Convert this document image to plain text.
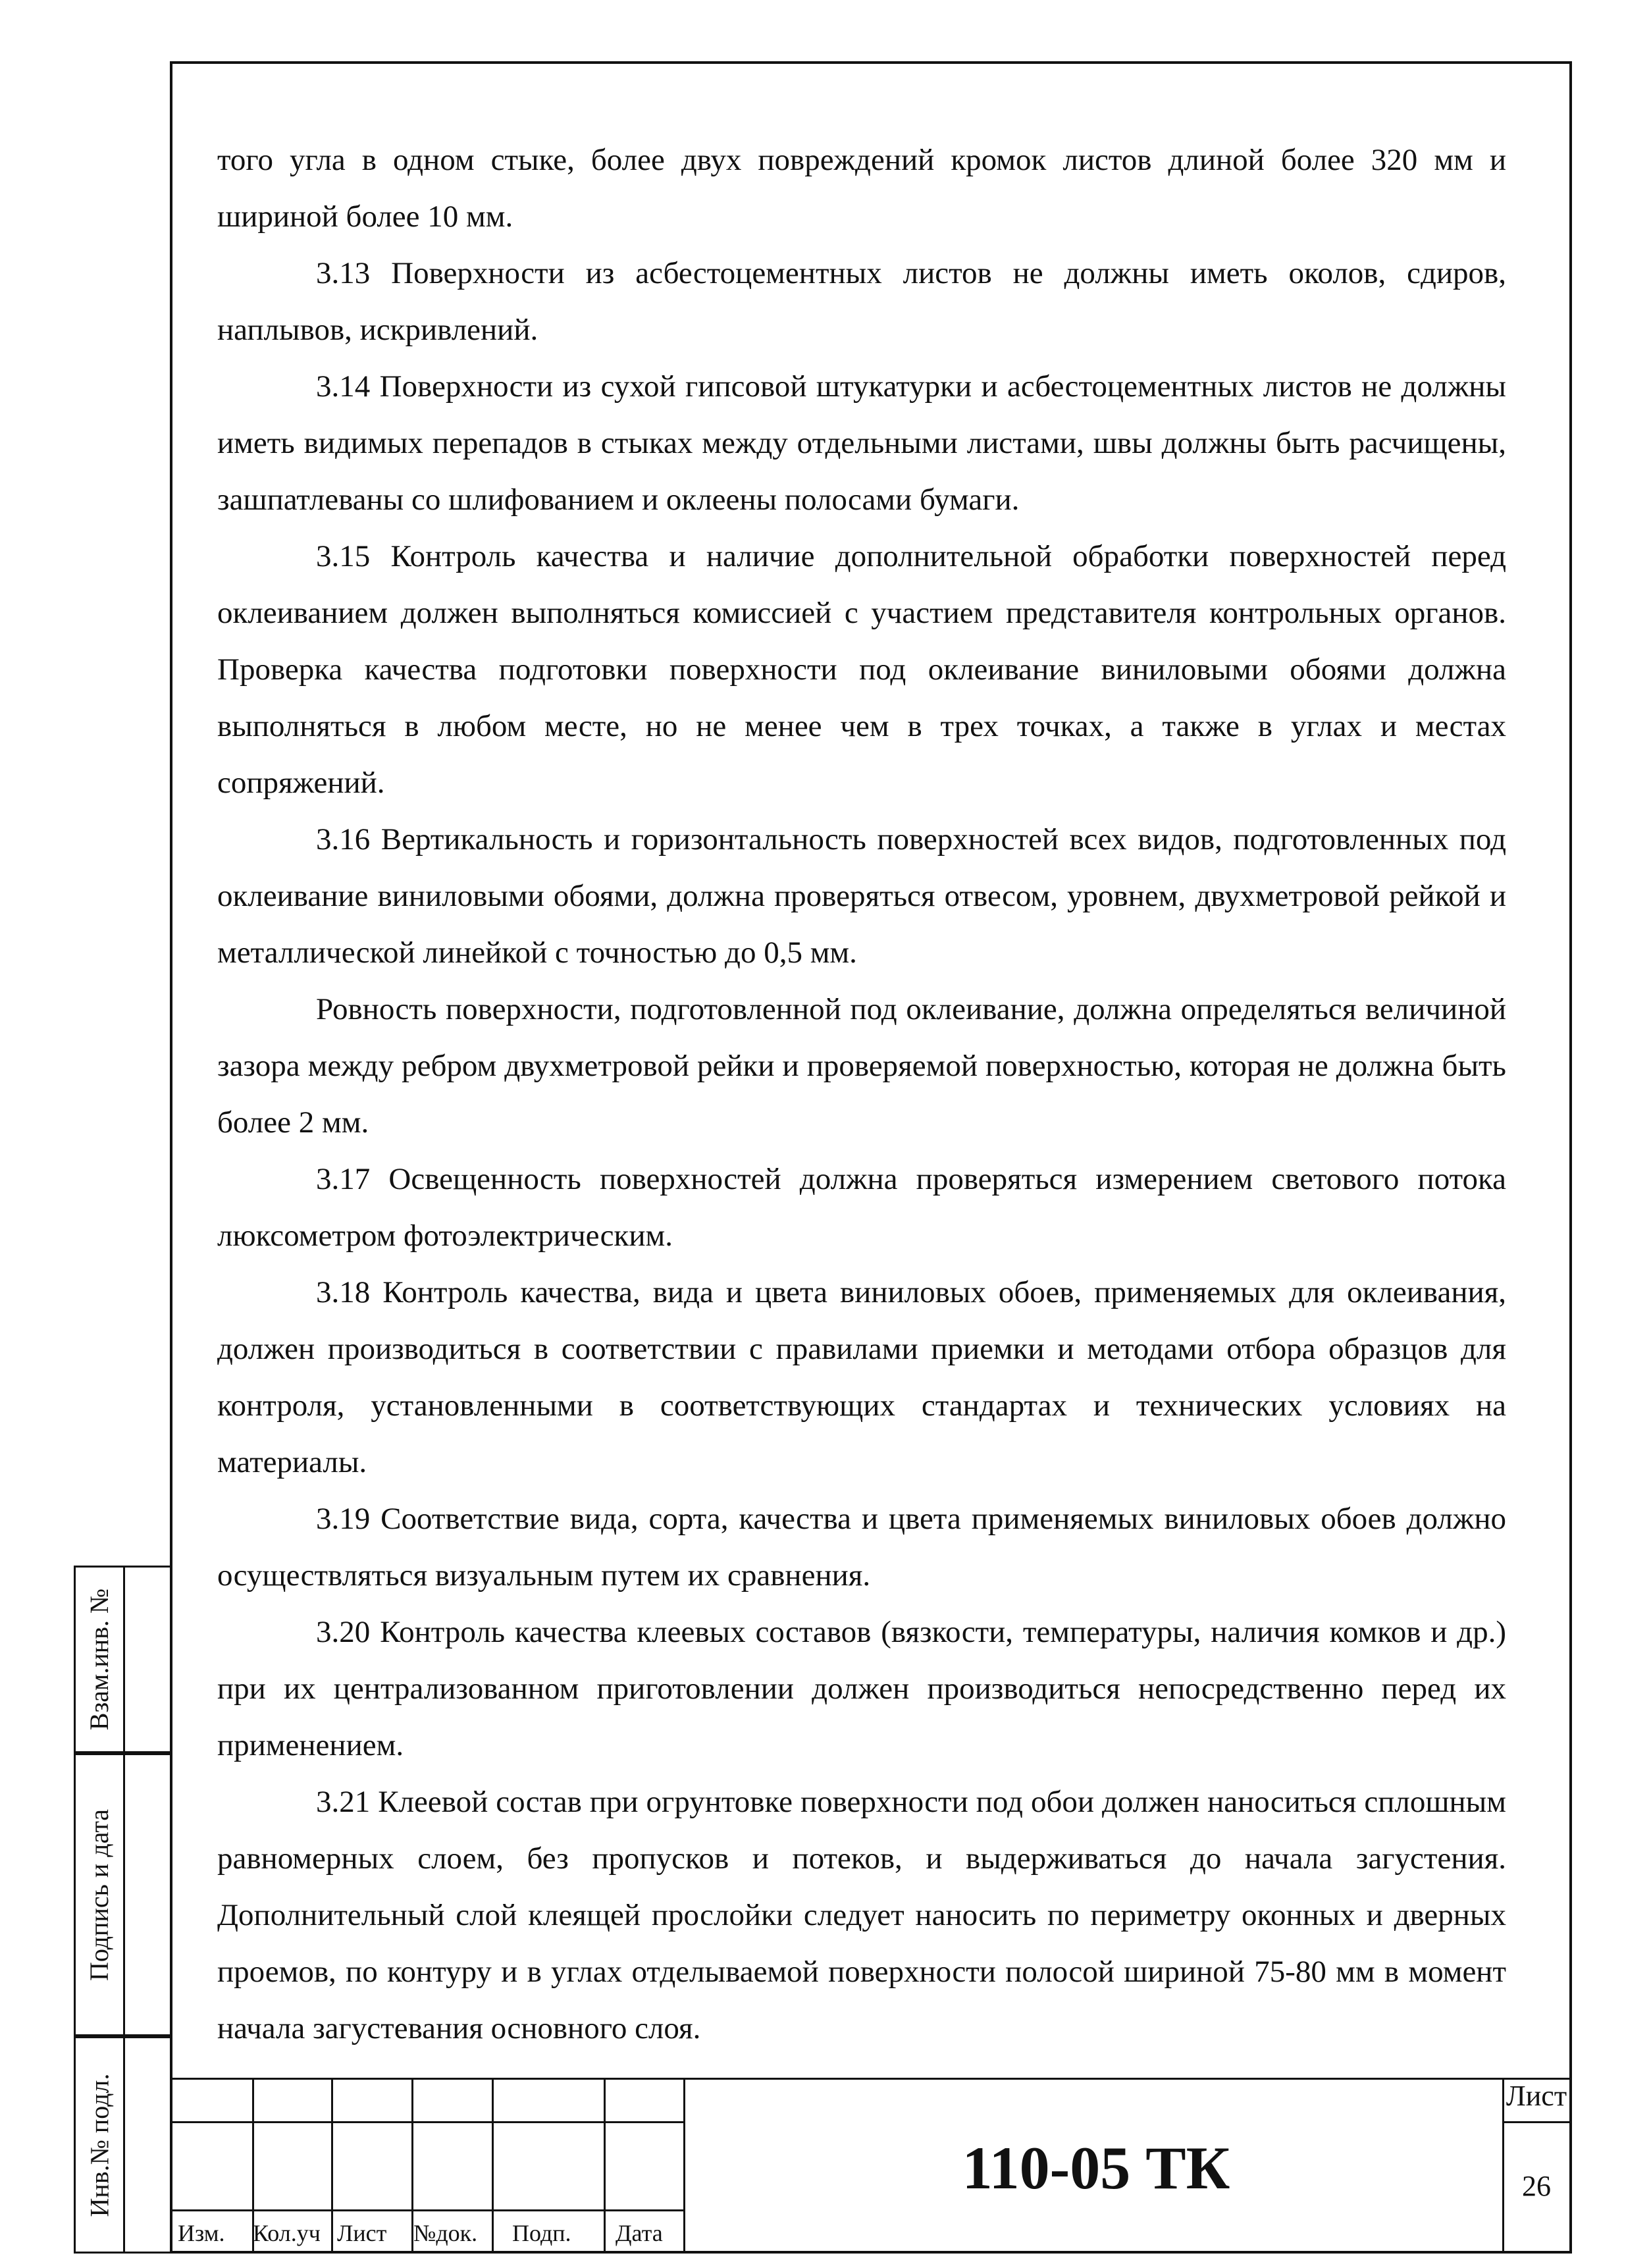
того угла в одном стыке, более двух повреждений кромок листов длиной более 320 мм и шириной более 10 мм.

3.13 Поверхности из асбестоцементных листов не должны иметь околов, сдиров, наплывов, искривлений.

3.14 Поверхности из сухой гипсовой штукатурки и асбестоцементных листов не должны иметь видимых перепадов в стыках между отдельными листами, швы должны быть расчищены, зашпатлеваны со шлифованием и оклеены полосами бумаги.

3.15 Контроль качества и наличие дополнительной обработки поверхностей перед оклеиванием должен выполняться комиссией с участием представителя контрольных органов. Проверка качества подготовки поверхности под оклеивание виниловыми обоями должна выполняться в любом месте, но не менее чем в трех точках, а также в углах и местах сопряжений.

3.16 Вертикальность и горизонтальность поверхностей всех видов, подготовленных под оклеивание виниловыми обоями, должна проверяться отвесом, уровнем, двухметровой рейкой и металлической линейкой с точностью до 0,5 мм.

Ровность поверхности, подготовленной под оклеивание, должна определяться величиной зазора между ребром двухметровой рейки и проверяемой поверхностью, которая не должна быть более 2 мм.

3.17 Освещенность поверхностей должна проверяться измерением светового потока люксометром фотоэлектрическим.

3.18 Контроль качества, вида и цвета виниловых обоев, применяемых для оклеивания, должен производиться в соответствии с правилами приемки и методами отбора образцов для контроля, установленными в соответствующих стандартах и технических условиях на материалы.

3.19 Соответствие вида, сорта, качества и цвета применяемых виниловых обоев должно осуществляться визуальным путем их сравнения.

3.20 Контроль качества клеевых составов (вязкости, температуры, наличия комков и др.) при их централизованном приготовлении должен производиться непосредственно перед их применением.

3.21 Клеевой состав при огрунтовке поверхности под обои должен наноситься сплошным равномерных слоем, без пропусков и потеков, и выдерживаться до начала загустения. Дополнительный слой клеящей прослойки следует наносить по периметру оконных и дверных проемов, по контуру и в углах отделываемой поверхности полосой шириной 75-80 мм в момент начала загустевания основного слоя.

Взам.инв. №
Подпись и дата
Инв.№ подл.
Изм. Кол.уч Лист №док. Подп. Дата
110-05 ТК
Лист
26
